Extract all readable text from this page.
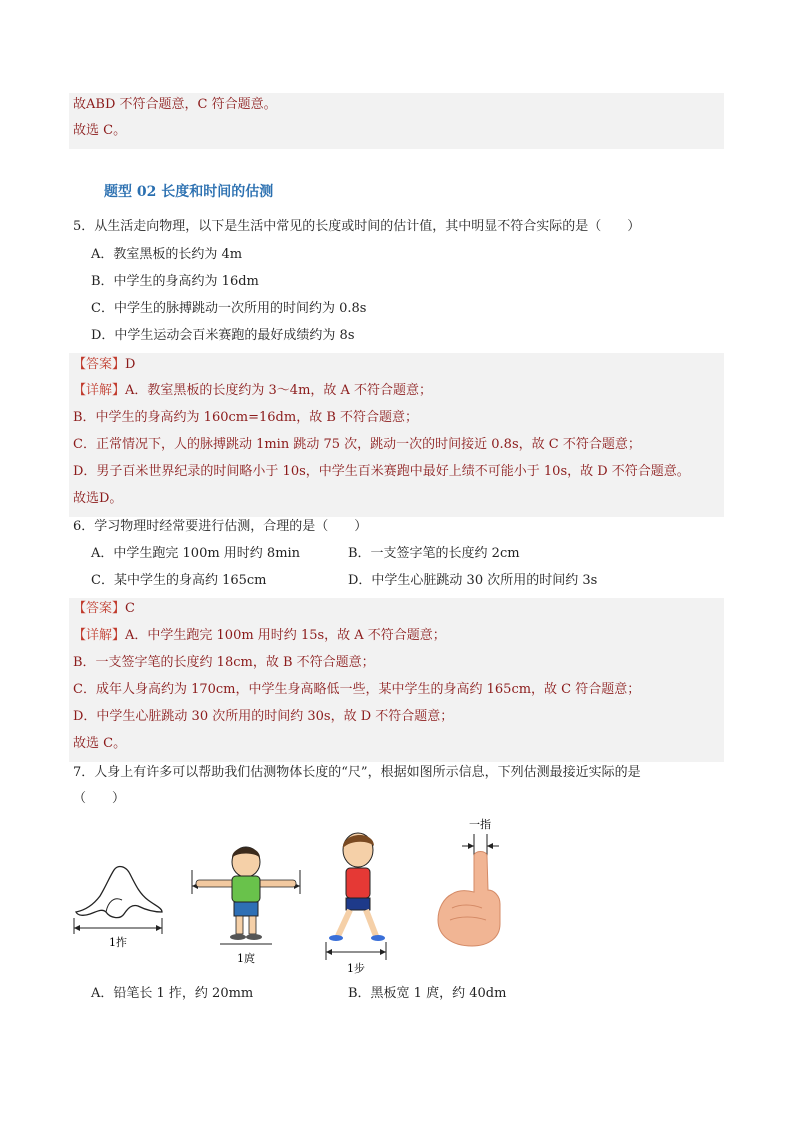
故ABD 不符合题意，C 符合题意。
故选 C。
题型 02 长度和时间的估测
5．从生活走向物理，以下是生活中常见的长度或时间的估计值，其中明显不符合实际的是（　　）
A．教室黑板的长约为 4m
B．中学生的身高约为 16dm
C．中学生的脉搏跳动一次所用的时间约为 0.8s
D．中学生运动会百米赛跑的最好成绩约为 8s
【答案】D
【详解】A．教室黑板的长度约为 3～4m，故 A 不符合题意；
B．中学生的身高约为 160cm=16dm，故 B 不符合题意；
C．正常情况下，人的脉搏跳动 1min 跳动 75 次，跳动一次的时间接近 0.8s，故 C 不符合题意；
D．男子百米世界纪录的时间略小于 10s，中学生百米赛跑中最好上绩不可能小于 10s，故 D 不符合题意。
故选D。
6．学习物理时经常要进行估测，合理的是（　　）
A．中学生跑完 100m 用时约 8min	B．一支签字笔的长度约 2cm
C．某中学生的身高约 165cm	D．中学生心脏跳动 30 次所用的时间约 3s
【答案】C
【详解】A．中学生跑完 100m 用时约 15s，故 A 不符合题意；
B．一支签字笔的长度约 18cm，故 B 不符合题意；
C．成年人身高约为 170cm，中学生身高略低一些，某中学生的身高约 165cm，故 C 符合题意；
D．中学生心脏跳动 30 次所用的时间约 30s，故 D 不符合题意；
故选 C。
7．人身上有许多可以帮助我们估测物体长度的“尺”，根据如图所示信息，下列估测最接近实际的是
（　　）
1拃
1庹
1步
一指
A．铅笔长 1 拃，约 20mm	B．黑板宽 1 庹，约 40dm
